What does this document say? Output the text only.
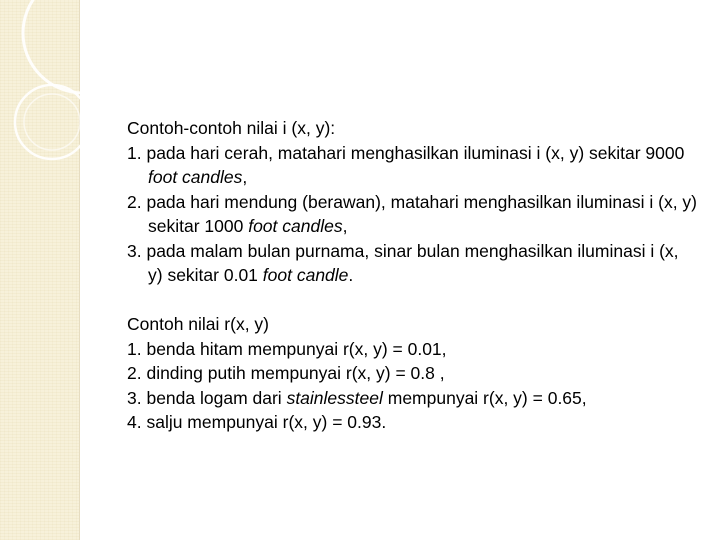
Contoh-contoh nilai i (x, y):

1. pada hari cerah, matahari menghasilkan iluminasi i (x, y) sekitar 9000 foot candles,

2. pada hari mendung (berawan), matahari menghasilkan iluminasi i (x, y) sekitar 1000 foot candles,

3. pada malam bulan purnama, sinar bulan menghasilkan iluminasi i (x, y) sekitar 0.01 foot candle.

Contoh nilai r(x, y)

1. benda hitam mempunyai r(x, y) = 0.01,

2. dinding putih mempunyai r(x, y) = 0.8 ,

3. benda logam dari stainlessteel mempunyai r(x, y) = 0.65,

4. salju mempunyai r(x, y) = 0.93.
